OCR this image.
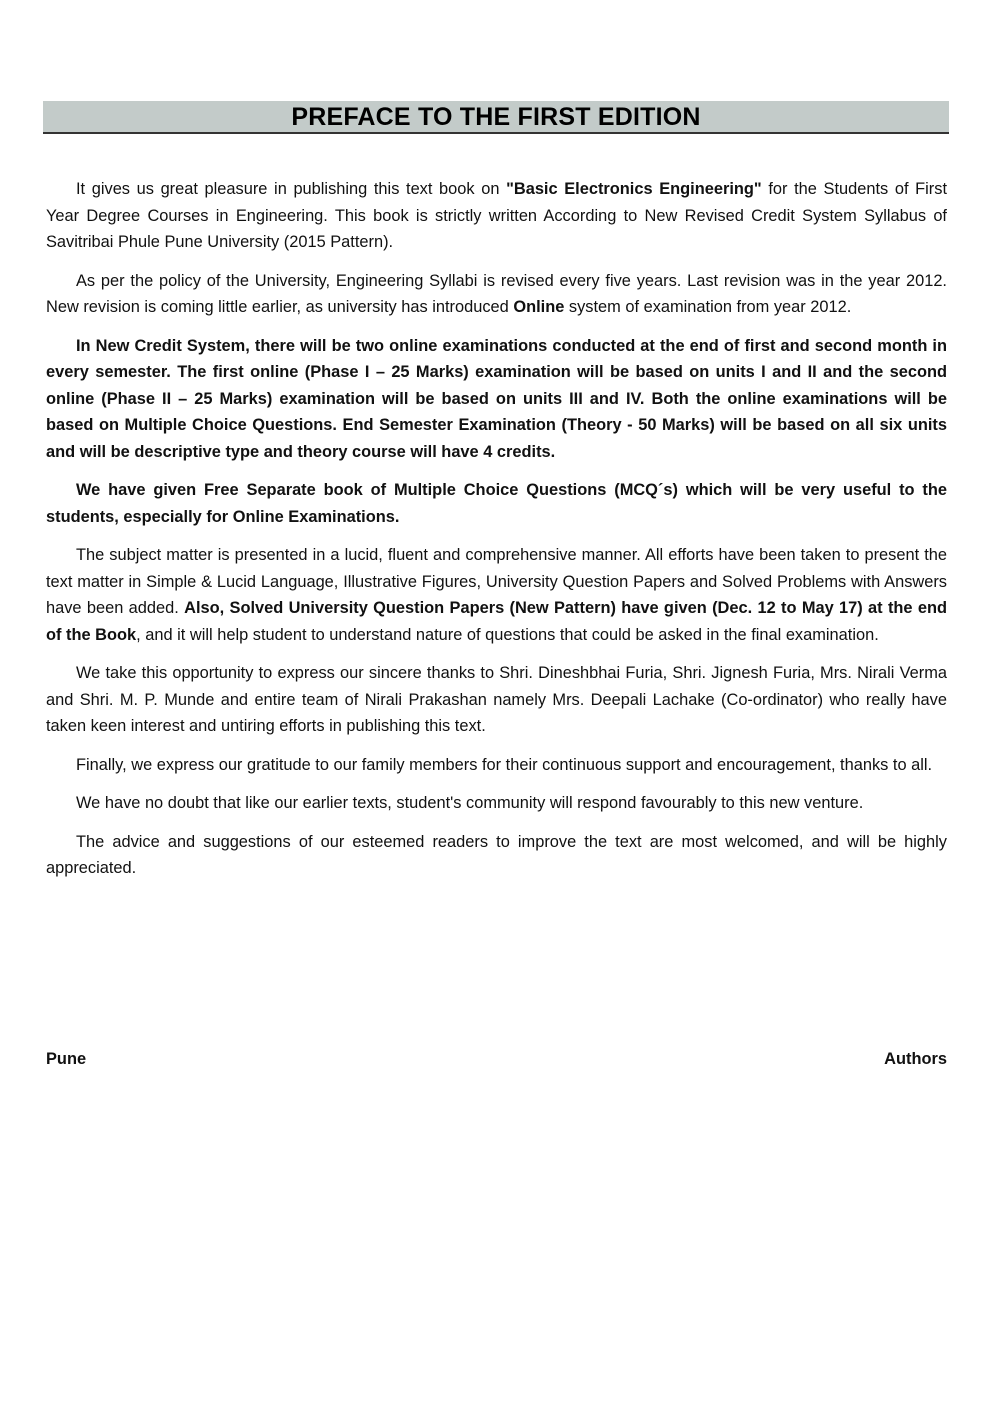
PREFACE TO THE FIRST EDITION

It gives us great pleasure in publishing this text book on "Basic Electronics Engineering" for the Students of First Year Degree Courses in Engineering. This book is strictly written According to New Revised Credit System Syllabus of Savitribai Phule Pune University (2015 Pattern).

As per the policy of the University, Engineering Syllabi is revised every five years. Last revision was in the year 2012. New revision is coming little earlier, as university has introduced Online system of examination from year 2012.

In New Credit System, there will be two online examinations conducted at the end of first and second month in every semester. The first online (Phase I – 25 Marks) examination will be based on units I and II and the second online (Phase II – 25 Marks) examination will be based on units III and IV. Both the online examinations will be based on Multiple Choice Questions. End Semester Examination (Theory - 50 Marks) will be based on all six units and will be descriptive type and theory course will have 4 credits.

We have given Free Separate book of Multiple Choice Questions (MCQ´s) which will be very useful to the students, especially for Online Examinations.

The subject matter is presented in a lucid, fluent and comprehensive manner. All efforts have been taken to present the text matter in Simple & Lucid Language, Illustrative Figures, University Question Papers and Solved Problems with Answers have been added. Also, Solved University Question Papers (New Pattern) have given (Dec. 12 to May 17) at the end of the Book, and it will help student to understand nature of questions that could be asked in the final examination.

We take this opportunity to express our sincere thanks to Shri. Dineshbhai Furia, Shri. Jignesh Furia, Mrs. Nirali Verma and Shri. M. P. Munde and entire team of Nirali Prakashan namely Mrs. Deepali Lachake (Co-ordinator) who really have taken keen interest and untiring efforts in publishing this text.

Finally, we express our gratitude to our family members for their continuous support and encouragement, thanks to all.

We have no doubt that like our earlier texts, student's community will respond favourably to this new venture.

The advice and suggestions of our esteemed readers to improve the text are most welcomed, and will be highly appreciated.

Pune	Authors
